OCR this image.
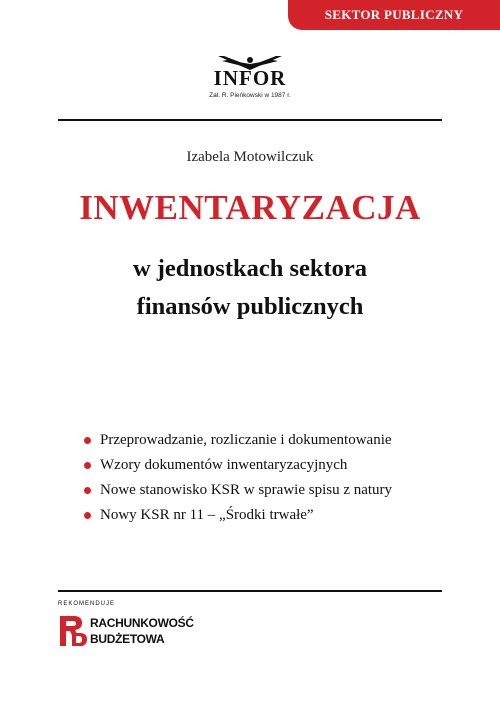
SEKTOR PUBLICZNY
INFOR
Zał. R. Pieńkowski w 1987 r.
Izabela Motowilczuk
INWENTARYZACJA
w jednostkach sektora
finansów publicznych
Przeprowadzanie, rozliczanie i dokumentowanie
Wzory dokumentów inwentaryzacyjnych
Nowe stanowisko KSR w sprawie spisu z natury
Nowy KSR nr 11 – „Środki trwałe”
REKOMENDUJE
RACHUNKOWOŚĆ
BUDŻETOWA
